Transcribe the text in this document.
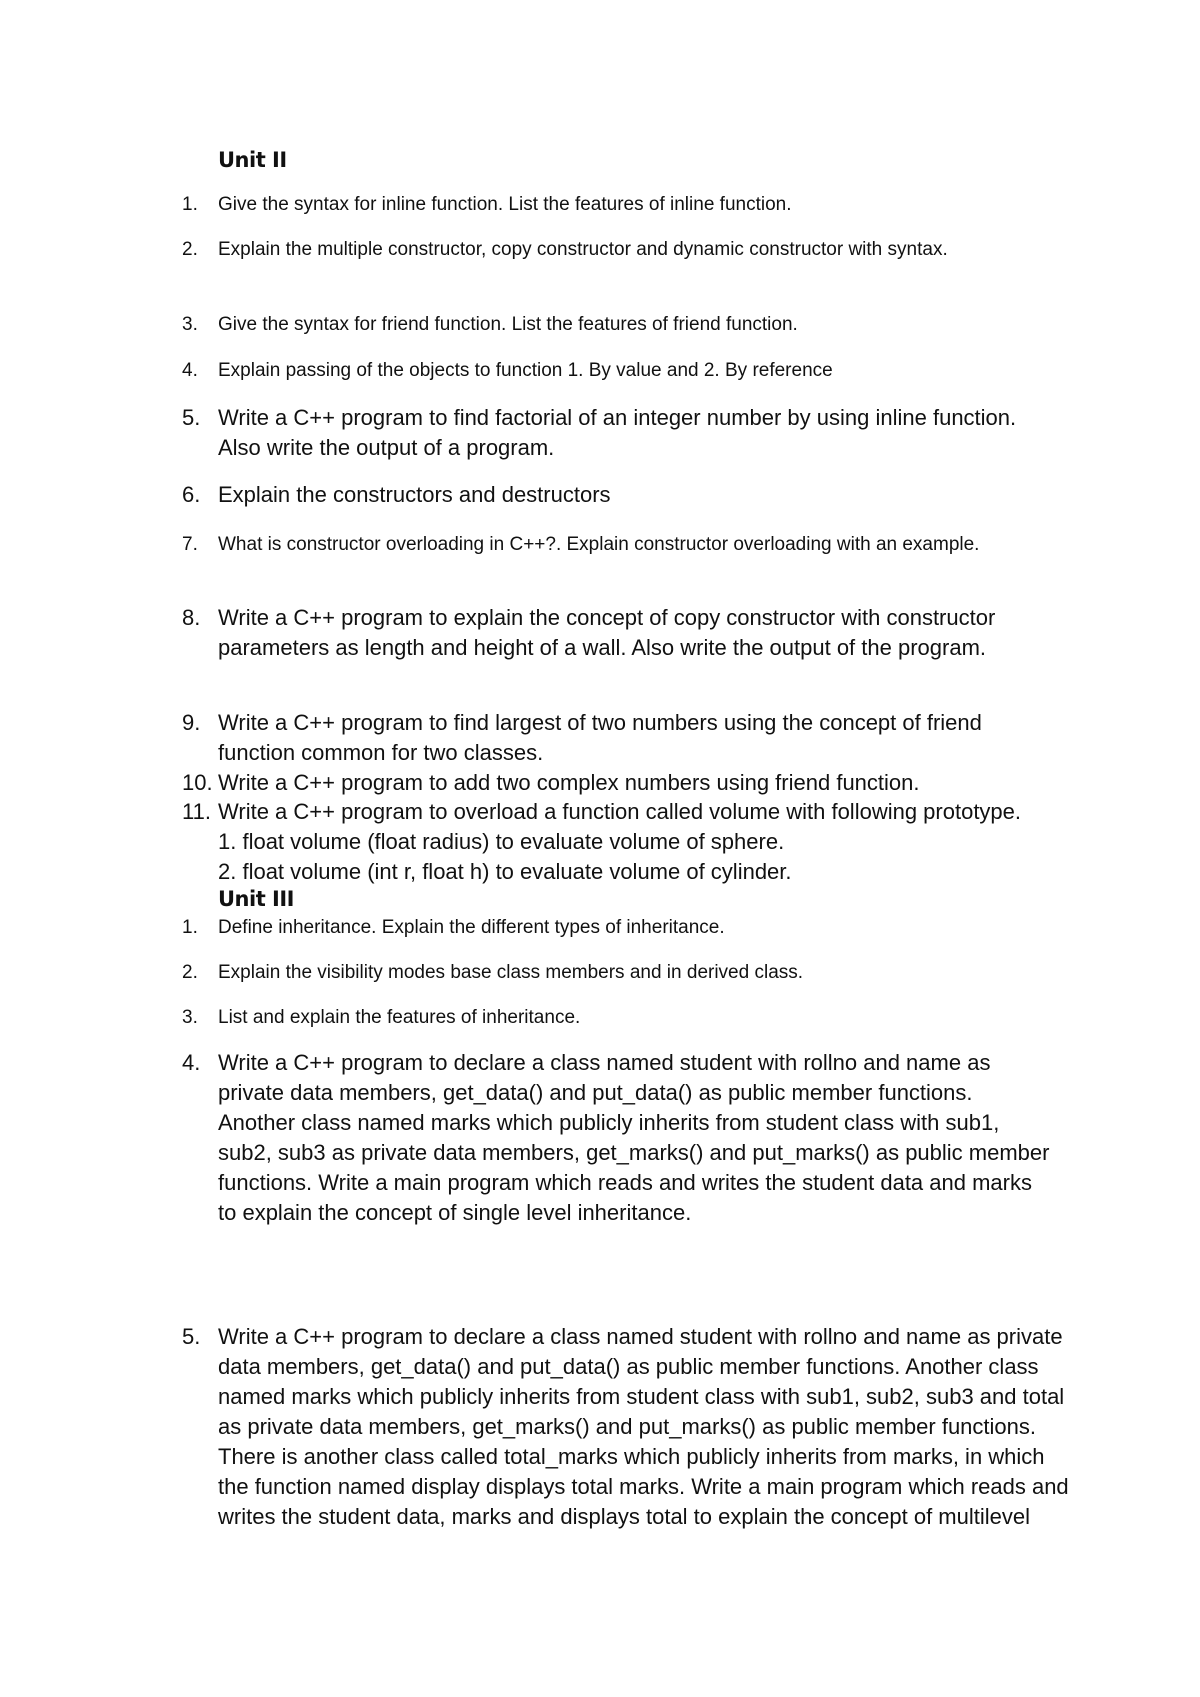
Unit II
1.	Give the syntax for inline function. List the features of inline function.
2.	Explain the multiple constructor, copy constructor and dynamic constructor with syntax.
3.	Give the syntax for friend function. List the features of friend function.
4.	Explain passing of the objects to function 1. By value and 2. By reference
5. Write a C++ program to find factorial of an integer number by using inline function. Also write the output of a program.
6. Explain the constructors and destructors
7.	What is constructor overloading in C++?. Explain constructor overloading with an example.
8. Write a C++ program to explain the concept of copy constructor with constructor parameters as length and height of a wall. Also write the output of the program.
9. Write a C++ program to find largest of two numbers using the concept of friend function common for two classes.
10. Write a C++ program to add two complex numbers using friend function.
11. Write a C++ program to overload a function called volume with following prototype. 1. float volume (float radius) to evaluate volume of sphere.
2. float volume (int r, float h) to evaluate volume of cylinder.
Unit III
1.	Define inheritance. Explain the different types of inheritance.
2.	Explain the visibility modes base class members and in derived class.
3.	List and explain the features of inheritance.
4. Write a C++ program to declare a class named student with rollno and name as private data members, get_data() and put_data() as public member functions. Another class named marks which publicly inherits from student class with sub1, sub2, sub3 as private data members, get_marks() and put_marks() as public member functions. Write a main program which reads and writes the student data and marks to explain the concept of single level inheritance.
5. Write a C++ program to declare a class named student with rollno and name as private data members, get_data() and put_data() as public member functions. Another class named marks which publicly inherits from student class with sub1, sub2, sub3 and total as private data members, get_marks() and put_marks() as public member functions. There is another class called total_marks which publicly inherits from marks, in which the function named display displays total marks. Write a main program which reads and writes the student data, marks and displays total to explain the concept of multilevel
